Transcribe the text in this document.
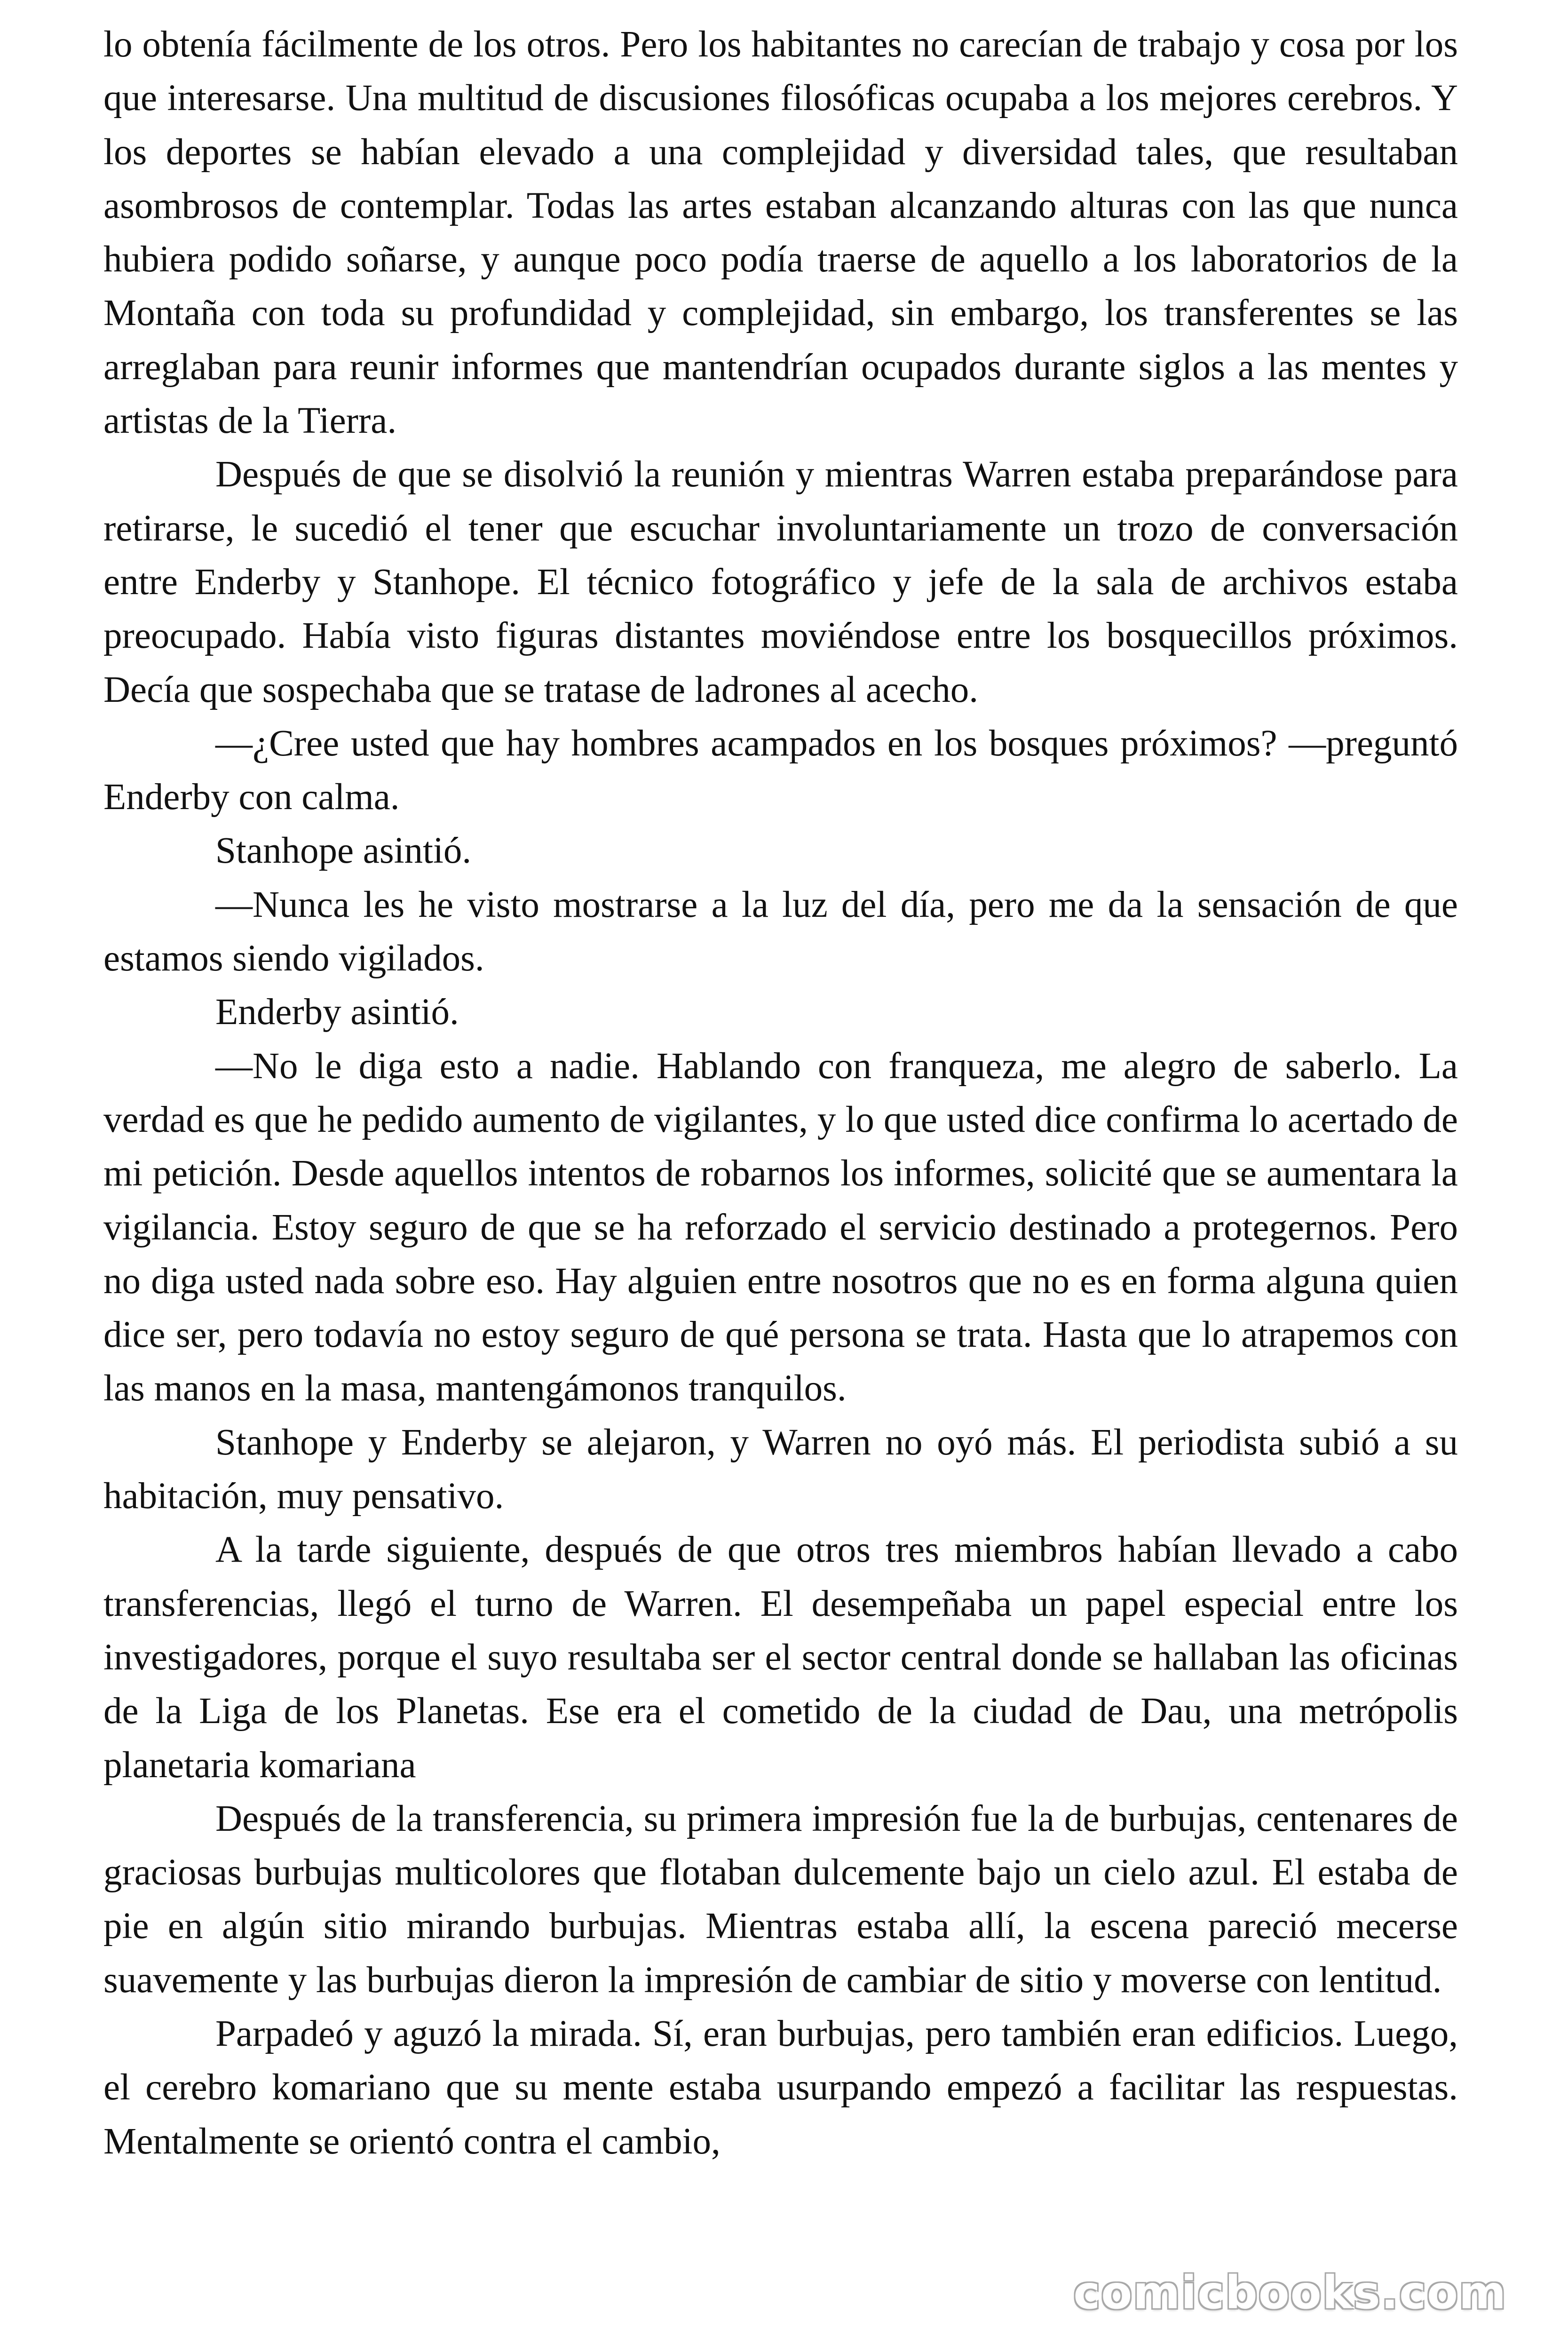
lo obtenía fácilmente de los otros. Pero los habitantes no carecían de trabajo y cosa por los que interesarse. Una multitud de discusiones filosóficas ocupaba a los mejores cerebros. Y los deportes se habían elevado a una complejidad y diversidad tales, que resultaban asombrosos de contemplar. Todas las artes estaban alcanzando alturas con las que nunca hubiera podido soñarse, y aunque poco podía traerse de aquello a los laboratorios de la Montaña con toda su profundidad y complejidad, sin embargo, los transferentes se las arreglaban para reunir informes que mantendrían ocupados durante siglos a las mentes y artistas de la Tierra.

Después de que se disolvió la reunión y mientras Warren estaba preparándose para retirarse, le sucedió el tener que escuchar involuntariamente un trozo de conversación entre Enderby y Stanhope. El técnico fotográfico y jefe de la sala de archivos estaba preocupado. Había visto figuras distantes moviéndose entre los bosquecillos próximos. Decía que sospechaba que se tratase de ladrones al acecho.

—¿Cree usted que hay hombres acampados en los bosques próximos? —preguntó Enderby con calma.

Stanhope asintió.

—Nunca les he visto mostrarse a la luz del día, pero me da la sensación de que estamos siendo vigilados.

Enderby asintió.

—No le diga esto a nadie. Hablando con franqueza, me alegro de saberlo. La verdad es que he pedido aumento de vigilantes, y lo que usted dice confirma lo acertado de mi petición. Desde aquellos intentos de robarnos los informes, solicité que se aumentara la vigilancia. Estoy seguro de que se ha reforzado el servicio destinado a protegernos. Pero no diga usted nada sobre eso. Hay alguien entre nosotros que no es en forma alguna quien dice ser, pero todavía no estoy seguro de qué persona se trata. Hasta que lo atrapemos con las manos en la masa, mantengámonos tranquilos.

Stanhope y Enderby se alejaron, y Warren no oyó más. El periodista subió a su habitación, muy pensativo.

A la tarde siguiente, después de que otros tres miembros habían llevado a cabo transferencias, llegó el turno de Warren. El desempeñaba un papel especial entre los investigadores, porque el suyo resultaba ser el sector central donde se hallaban las oficinas de la Liga de los Planetas. Ese era el cometido de la ciudad de Dau, una metrópolis planetaria komariana

Después de la transferencia, su primera impresión fue la de burbujas, centenares de graciosas burbujas multicolores que flotaban dulcemente bajo un cielo azul. El estaba de pie en algún sitio mirando burbujas. Mientras estaba allí, la escena pareció mecerse suavemente y las burbujas dieron la impresión de cambiar de sitio y moverse con lentitud.

Parpadeó y aguzó la mirada. Sí, eran burbujas, pero también eran edificios. Luego, el cerebro komariano que su mente estaba usurpando empezó a facilitar las respuestas. Mentalmente se orientó contra el cambio,

comicbooks.com
